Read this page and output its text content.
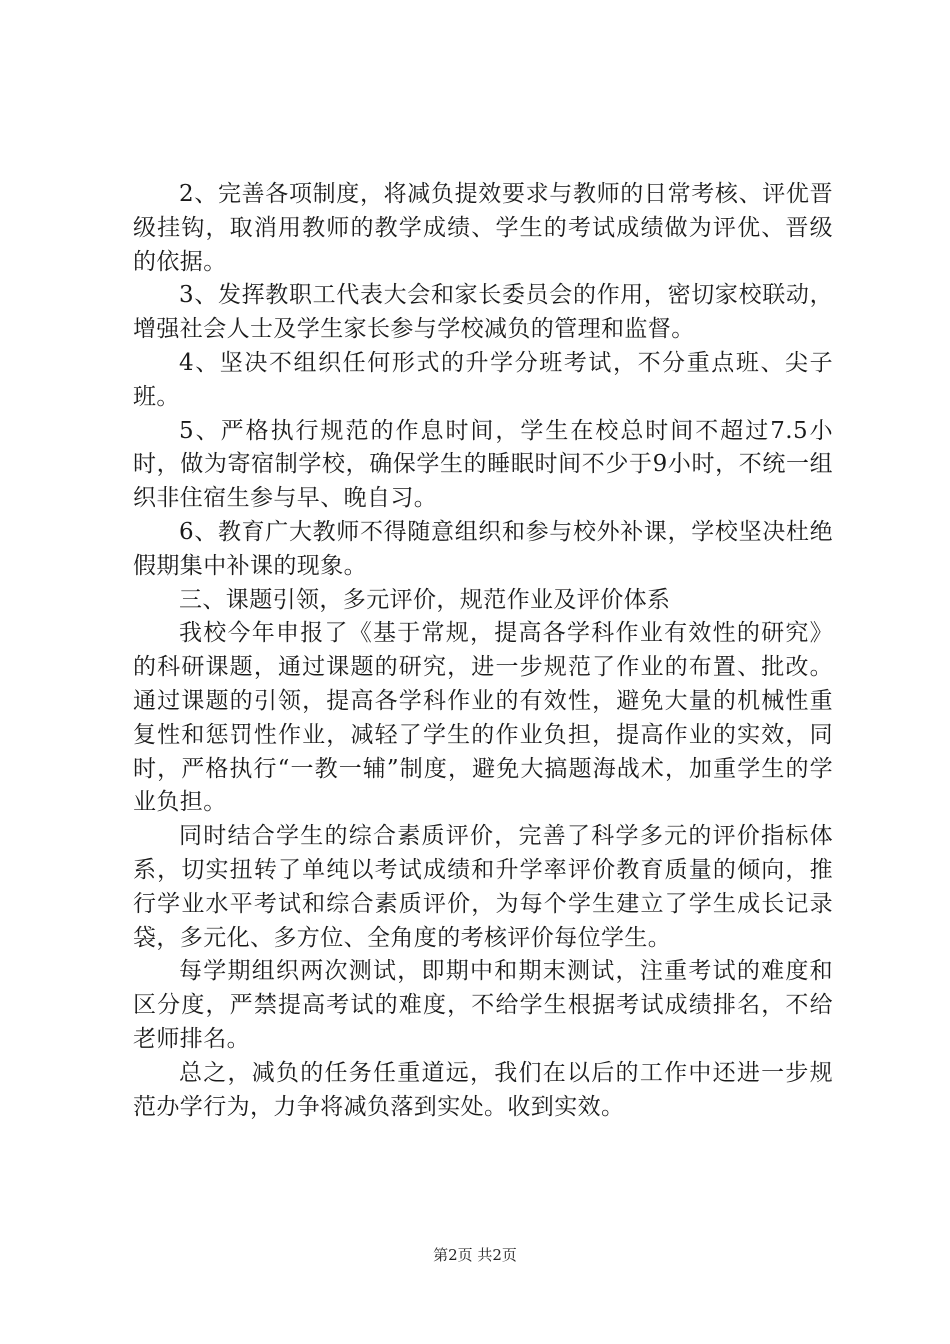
2、完善各项制度，将减负提效要求与教师的日常考核、评优晋级挂钩，取消用教师的教学成绩、学生的考试成绩做为评优、晋级的依据。

3、发挥教职工代表大会和家长委员会的作用，密切家校联动，增强社会人士及学生家长参与学校减负的管理和监督。

4、坚决不组织任何形式的升学分班考试，不分重点班、尖子班。

5、严格执行规范的作息时间，学生在校总时间不超过7.5小时，做为寄宿制学校，确保学生的睡眠时间不少于9小时，不统一组织非住宿生参与早、晚自习。

6、教育广大教师不得随意组织和参与校外补课，学校坚决杜绝假期集中补课的现象。

三、课题引领，多元评价，规范作业及评价体系

我校今年申报了《基于常规，提高各学科作业有效性的研究》的科研课题，通过课题的研究，进一步规范了作业的布置、批改。通过课题的引领，提高各学科作业的有效性，避免大量的机械性重复性和惩罚性作业，减轻了学生的作业负担，提高作业的实效，同时，严格执行“一教一辅”制度，避免大搞题海战术，加重学生的学业负担。

同时结合学生的综合素质评价，完善了科学多元的评价指标体系，切实扭转了单纯以考试成绩和升学率评价教育质量的倾向，推行学业水平考试和综合素质评价，为每个学生建立了学生成长记录袋，多元化、多方位、全角度的考核评价每位学生。

每学期组织两次测试，即期中和期末测试，注重考试的难度和区分度，严禁提高考试的难度，不给学生根据考试成绩排名，不给老师排名。

总之，减负的任务任重道远，我们在以后的工作中还进一步规范办学行为，力争将减负落到实处。收到实效。

第2页 共2页
